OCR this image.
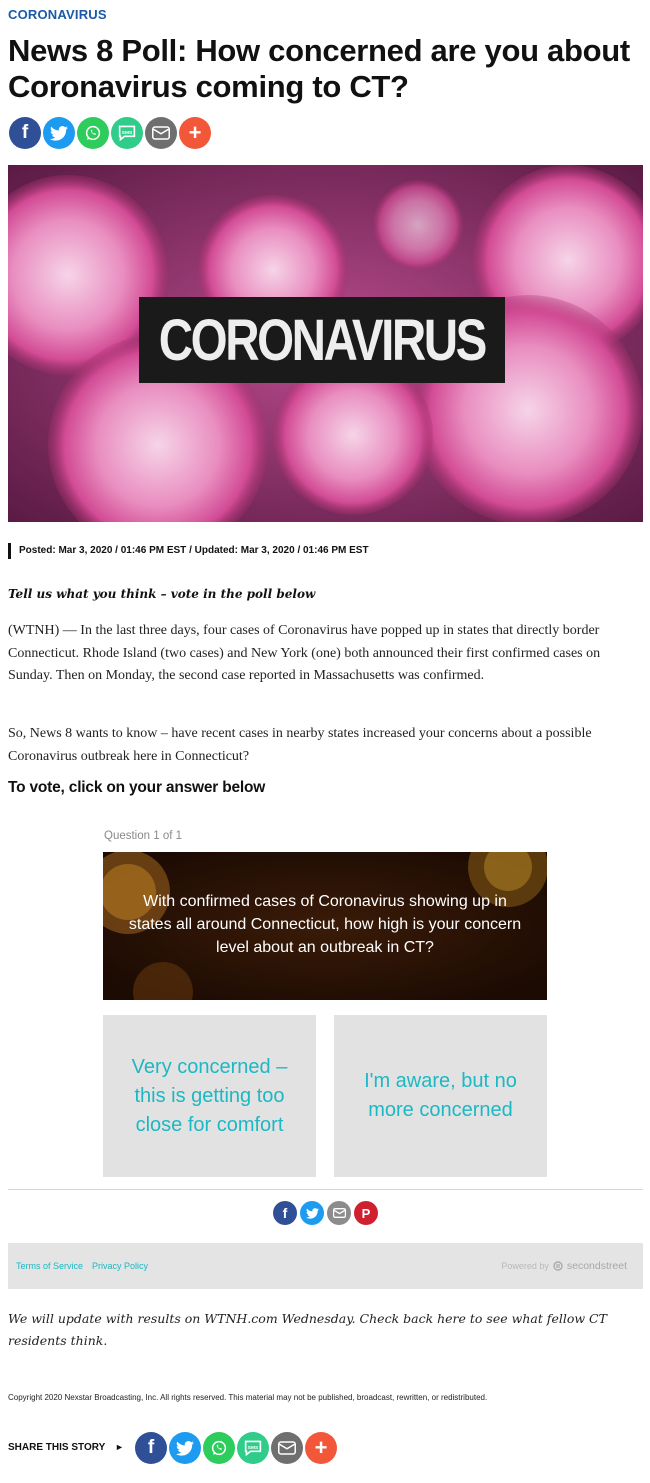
CORONAVIRUS
News 8 Poll: How concerned are you about Coronavirus coming to CT?
f	SMS	+
CORONAVIRUS
Posted: Mar 3, 2020 / 01:46 PM EST / Updated: Mar 3, 2020 / 01:46 PM EST
Tell us what you think – vote in the poll below

(WTNH) — In the last three days, four cases of Coronavirus have popped up in states that directly border Connecticut. Rhode Island (two cases) and New York (one) both announced their first confirmed cases on Sunday. Then on Monday, the second case reported in Massachusetts was confirmed.

So, News 8 wants to know – have recent cases in nearby states increased your concerns about a possible Coronavirus outbreak here in Connecticut?

To vote, click on your answer below
Question 1 of 1
With confirmed cases of Coronavirus showing up in states all around Connecticut, how high is your concern level about an outbreak in CT?
Very concerned – this is getting too close for comfort
I'm aware, but no more concerned
f	P
Terms of Service Privacy Policy	Powered by secondstreet

We will update with results on WTNH.com Wednesday. Check back here to see what fellow CT residents think.

Copyright 2020 Nexstar Broadcasting, Inc. All rights reserved. This material may not be published, broadcast, rewritten, or redistributed.
SHARE THIS STORY ► f	SMS	+
